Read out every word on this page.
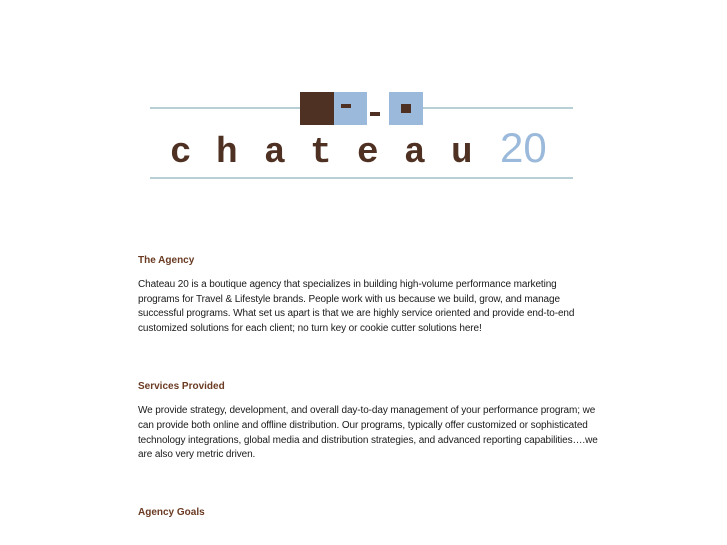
c h a t e a u 20

The Agency

Chateau 20 is a boutique agency that specializes in building high-volume performance marketing programs for Travel & Lifestyle brands. People work with us because we build, grow, and manage successful programs. What set us apart is that we are highly service oriented and provide end-to-end customized solutions for each client; no turn key or cookie cutter solutions here!

Services Provided

We provide strategy, development, and overall day-to-day management of your performance program; we can provide both online and offline distribution. Our programs, typically offer customized or sophisticated technology integrations, global media and distribution strategies, and advanced reporting capabilities….we are also very metric driven.

Agency Goals
